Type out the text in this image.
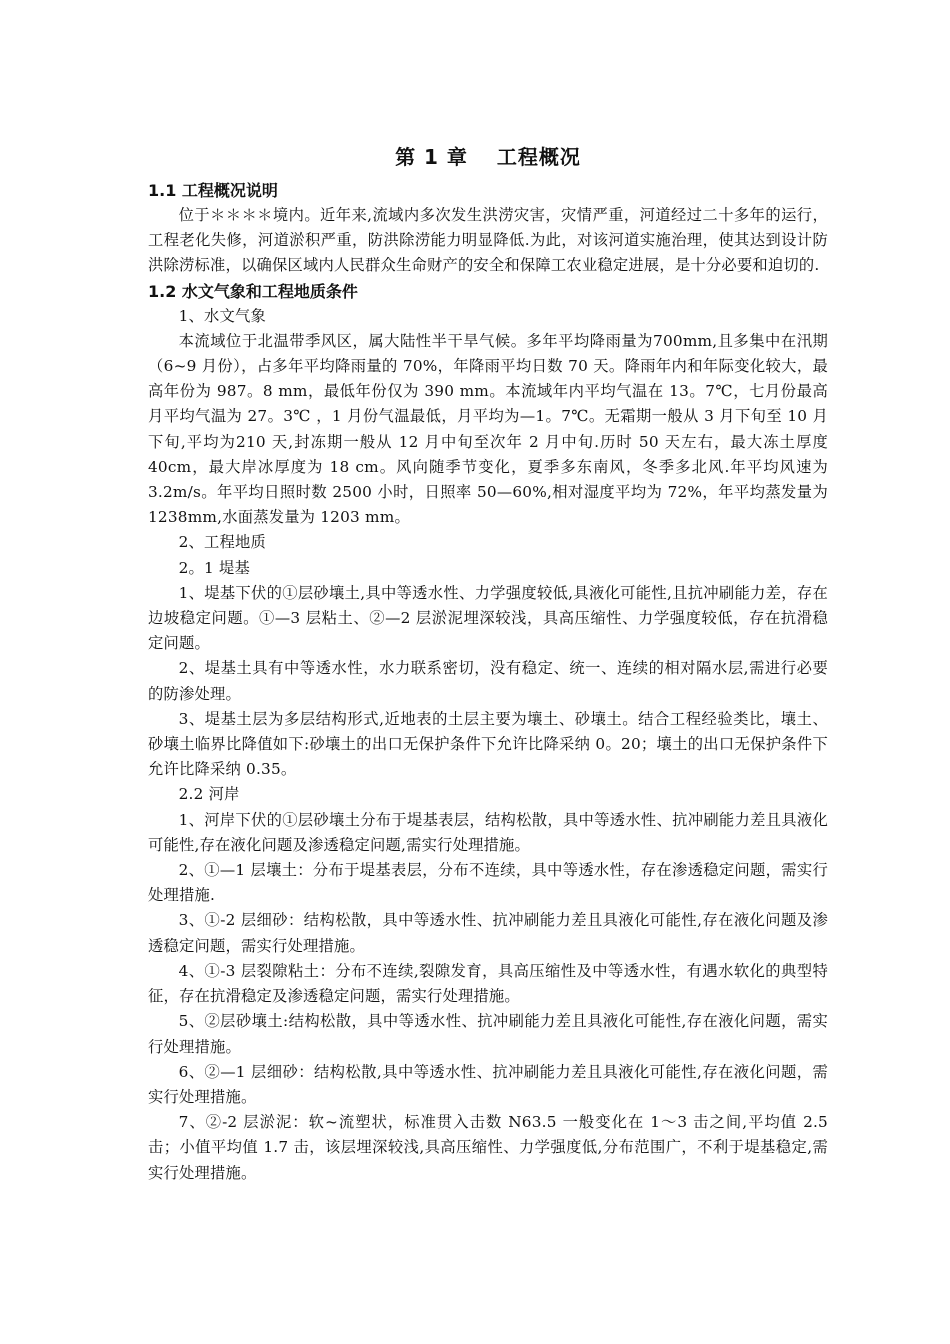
第 1 章　 工程概况
1.1 工程概况说明

位于＊＊＊＊境内。近年来,流域内多次发生洪涝灾害，灾情严重，河道经过二十多年的运行，工程老化失修，河道淤积严重，防洪除涝能力明显降低.为此，对该河道实施治理，使其达到设计防洪除涝标准，以确保区域内人民群众生命财产的安全和保障工农业稳定进展，是十分必要和迫切的.

1.2 水文气象和工程地质条件

1、水文气象

本流域位于北温带季风区，属大陆性半干旱气候。多年平均降雨量为700mm,且多集中在汛期（6~9 月份），占多年平均降雨量的 70%，年降雨平均日数 70 天。降雨年内和年际变化较大，最高年份为 987。8 mm，最低年份仅为 390 mm。本流域年内平均气温在 13。7℃，七月份最高月平均气温为 27。3℃ ，1 月份气温最低，月平均为—1。7℃。无霜期一般从 3 月下旬至 10 月下旬,平均为210 天,封冻期一般从 12 月中旬至次年 2 月中旬.历时 50 天左右，最大冻土厚度 40cm，最大岸冰厚度为 18 cm。风向随季节变化，夏季多东南风，冬季多北风.年平均风速为 3.2m/s。年平均日照时数 2500 小时，日照率 50—60%,相对湿度平均为 72%，年平均蒸发量为 1238mm,水面蒸发量为 1203 mm。

2、工程地质

2。1 堤基

1、堤基下伏的①层砂壤土,具中等透水性、力学强度较低,具液化可能性,且抗冲刷能力差，存在边坡稳定问题。①—3 层粘土、②—2 层淤泥埋深较浅，具高压缩性、力学强度较低，存在抗滑稳定问题。

2、堤基土具有中等透水性，水力联系密切，没有稳定、统一、连续的相对隔水层,需进行必要的防渗处理。

3、堤基土层为多层结构形式,近地表的土层主要为壤土、砂壤土。结合工程经验类比，壤土、砂壤土临界比降值如下:砂壤土的出口无保护条件下允许比降采纳 0。20；壤土的出口无保护条件下允许比降采纳 0.35。

2.2 河岸

1、河岸下伏的①层砂壤土分布于堤基表层，结构松散，具中等透水性、抗冲刷能力差且具液化可能性,存在液化问题及渗透稳定问题,需实行处理措施。

2、①—1 层壤土：分布于堤基表层，分布不连续，具中等透水性，存在渗透稳定问题，需实行处理措施.

3、①-2 层细砂：结构松散，具中等透水性、抗冲刷能力差且具液化可能性,存在液化问题及渗透稳定问题，需实行处理措施。

4、①-3 层裂隙粘土：分布不连续,裂隙发育，具高压缩性及中等透水性，有遇水软化的典型特征，存在抗滑稳定及渗透稳定问题，需实行处理措施。

5、②层砂壤土:结构松散，具中等透水性、抗冲刷能力差且具液化可能性,存在液化问题，需实行处理措施。

6、②—1 层细砂：结构松散,具中等透水性、抗冲刷能力差且具液化可能性,存在液化问题，需实行处理措施。

7、②-2 层淤泥：软~流塑状，标准贯入击数 N63.5 一般变化在 1～3 击之间,平均值 2.5 击；小值平均值 1.7 击，该层埋深较浅,具高压缩性、力学强度低,分布范围广，不利于堤基稳定,需实行处理措施。
